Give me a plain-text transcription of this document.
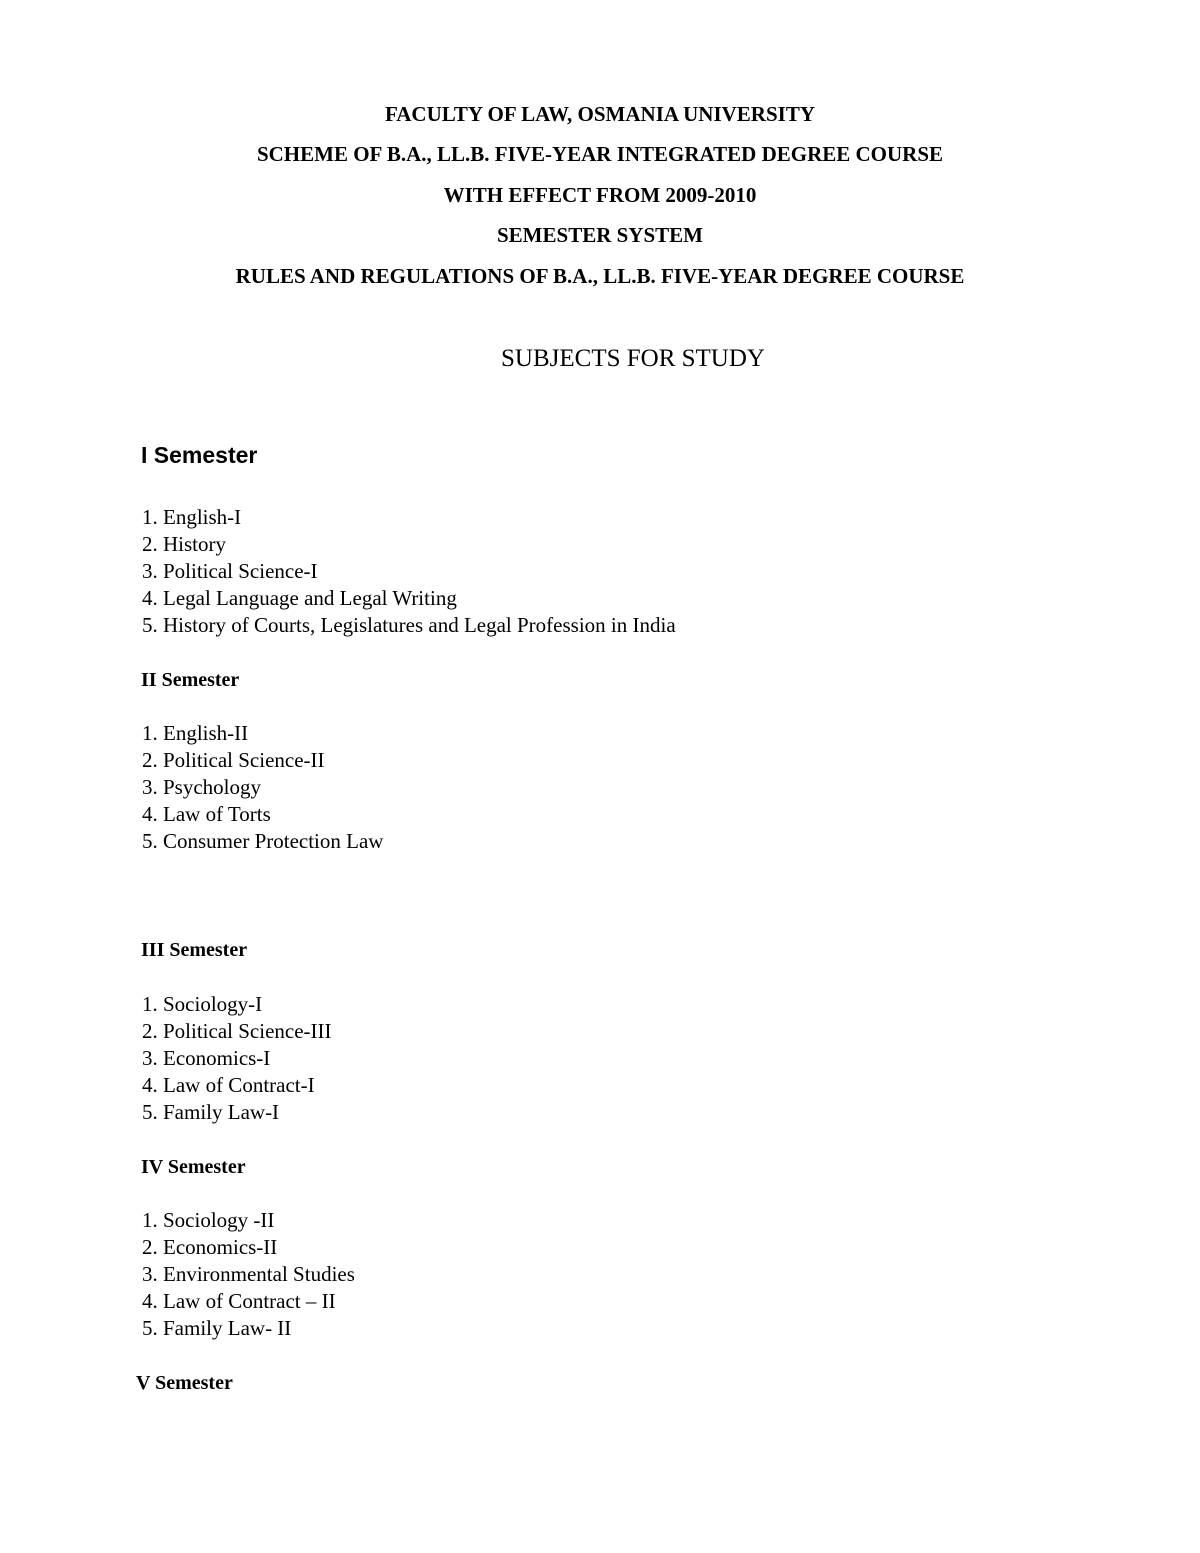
FACULTY OF LAW, OSMANIA UNIVERSITY
SCHEME OF B.A., LL.B. FIVE-YEAR INTEGRATED DEGREE COURSE
WITH EFFECT FROM 2009-2010
SEMESTER SYSTEM
RULES AND REGULATIONS OF B.A., LL.B. FIVE-YEAR DEGREE COURSE
SUBJECTS FOR STUDY
I Semester
1. English-I
2. History
3. Political Science-I
4. Legal Language and Legal Writing
5. History of Courts, Legislatures and Legal Profession in India
II Semester
1. English-II
2. Political Science-II
3. Psychology
4. Law of Torts
5. Consumer Protection Law
III Semester
1. Sociology-I
2. Political Science-III
3. Economics-I
4. Law of Contract-I
5. Family Law-I
IV Semester
1. Sociology -II
2. Economics-II
3. Environmental Studies
4. Law of Contract – II
5. Family Law- II
V Semester
